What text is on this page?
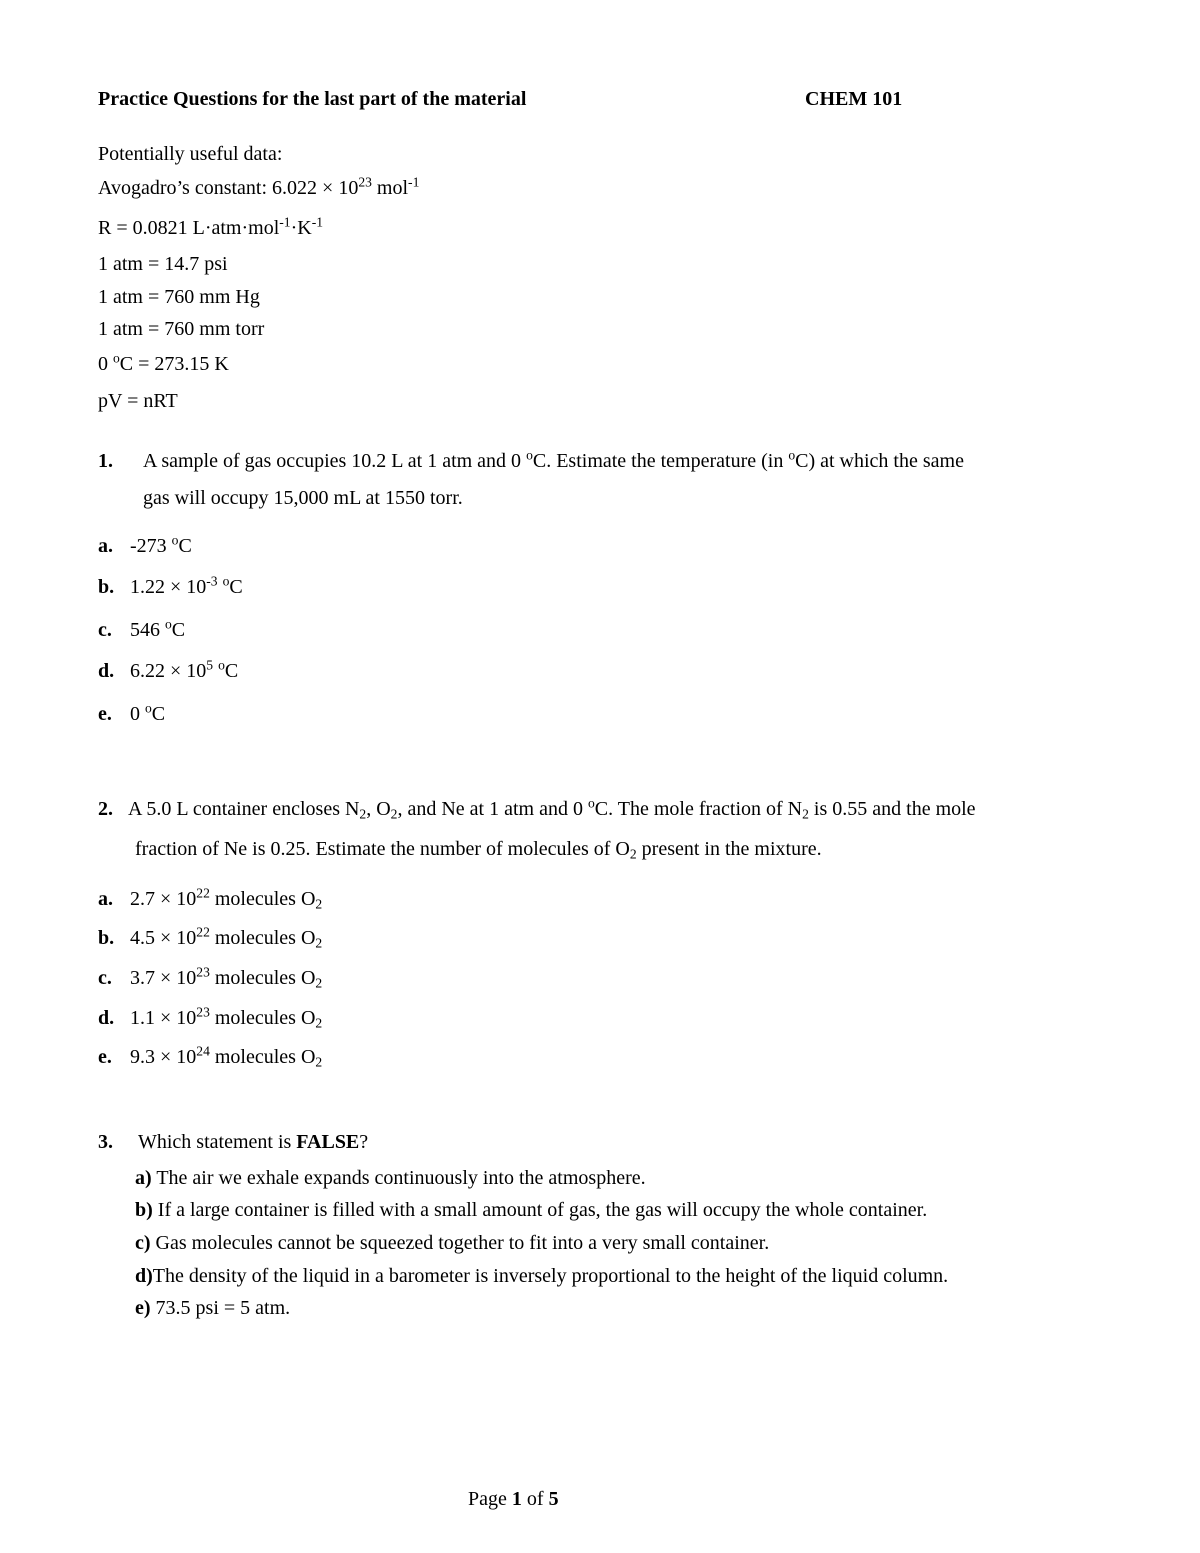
Practice Questions for the last part of the material	CHEM 101
Potentially useful data:
Avogadro’s constant: $6.022 \times 10^{23}$ mol$^{-1}$
R = 0.0821 $L\cdot atm\cdot mol^{-1}\cdot K^{-1}$
1 atm = 14.7 psi
1 atm = 760 mm Hg
1 atm = 760 mm torr
0 $^o$C = 273.15 K
pV = nRT
1. A sample of gas occupies 10.2 L at 1 atm and 0 $^o$C. Estimate the temperature (in $^o$C) at which the same
gas will occupy 15,000 mL at 1550 torr.
a. -273 $^o$C
b. $1.22 \times 10^{-3}$ $^o$C
c. 546 $^o$C
d. $6.22 \times 10^5$ $^o$C
e. 0 $^o$C
2. A 5.0 L container encloses $N_2$, $O_2$, and Ne at 1 atm and 0 $^o$C. The mole fraction of $N_2$ is 0.55 and the mole
fraction of Ne is 0.25. Estimate the number of molecules of $O_2$ present in the mixture.
a. $2.7 \times 10^{22}$ molecules $O_2$
b. $4.5 \times 10^{22}$ molecules $O_2$
c. $3.7 \times 10^{23}$ molecules $O_2$
d. $1.1 \times 10^{23}$ molecules $O_2$
e. $9.3 \times 10^{24}$ molecules $O_2$
3. Which statement is FALSE?
a) The air we exhale expands continuously into the atmosphere.
b) If a large container is filled with a small amount of gas, the gas will occupy the whole container.
c) Gas molecules cannot be squeezed together to fit into a very small container.
d)The density of the liquid in a barometer is inversely proportional to the height of the liquid column.
e) 73.5 psi = 5 atm.
Page 1 of 5
